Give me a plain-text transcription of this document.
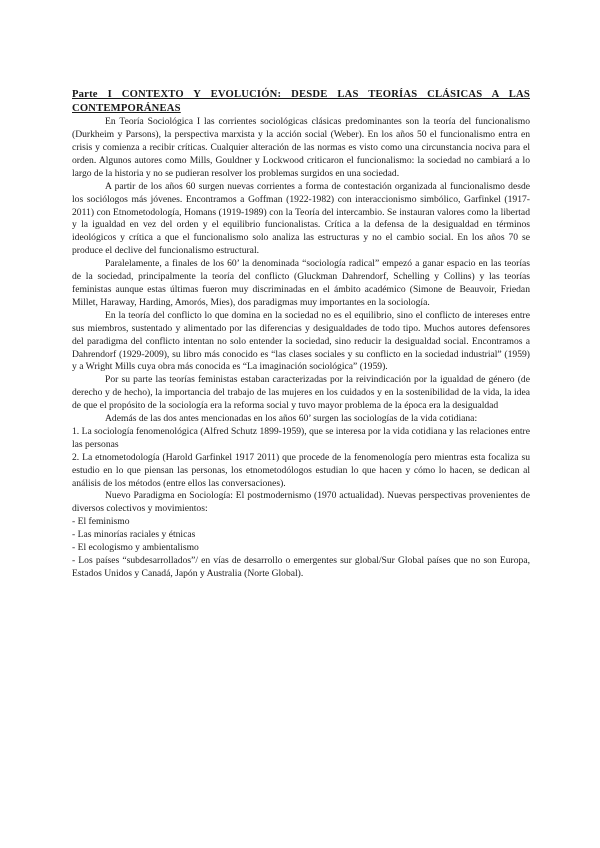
Parte I CONTEXTO Y EVOLUCIÓN: DESDE LAS TEORÍAS CLÁSICAS A LAS CONTEMPORÁNEAS

En Teoría Sociológica I las corrientes sociológicas clásicas predominantes son la teoría del funcionalismo (Durkheim y Parsons), la perspectiva marxista y la acción social (Weber). En los años 50 el funcionalismo entra en crisis y comienza a recibir críticas. Cualquier alteración de las normas es visto como una circunstancia nociva para el orden. Algunos autores como Mills, Gouldner y Lockwood criticaron el funcionalismo: la sociedad no cambiará a lo largo de la historia y no se pudieran resolver los problemas surgidos en una sociedad.

A partir de los años 60 surgen nuevas corrientes a forma de contestación organizada al funcionalismo desde los sociólogos más jóvenes. Encontramos a Goffman (1922-1982) con interaccionismo simbólico, Garfinkel (1917-2011) con Etnometodología, Homans (1919-1989) con la Teoría del intercambio. Se instauran valores como la libertad y la igualdad en vez del orden y el equilibrio funcionalistas. Crítica a la defensa de la desigualdad en términos ideológicos y crítica a que el funcionalismo solo analiza las estructuras y no el cambio social. En los años 70 se produce el declive del funcionalismo estructural.

Paralelamente, a finales de los 60’ la denominada “sociología radical” empezó a ganar espacio en las teorías de la sociedad, principalmente la teoría del conflicto (Gluckman Dahrendorf, Schelling y Collins) y las teorías feministas aunque estas últimas fueron muy discriminadas en el ámbito académico (Simone de Beauvoir, Friedan Millet, Haraway, Harding, Amorós, Mies), dos paradigmas muy importantes en la sociología.

En la teoría del conflicto lo que domina en la sociedad no es el equilibrio, sino el conflicto de intereses entre sus miembros, sustentado y alimentado por las diferencias y desigualdades de todo tipo. Muchos autores defensores del paradigma del conflicto intentan no solo entender la sociedad, sino reducir la desigualdad social. Encontramos a Dahrendorf (1929-2009), su libro más conocido es “las clases sociales y su conflicto en la sociedad industrial” (1959) y a Wright Mills cuya obra más conocida es “La imaginación sociológica” (1959).

Por su parte las teorías feministas estaban caracterizadas por la reivindicación por la igualdad de género (de derecho y de hecho), la importancia del trabajo de las mujeres en los cuidados y en la sostenibilidad de la vida, la idea de que el propósito de la sociología era la reforma social y tuvo mayor problema de la época era la desigualdad

Además de las dos antes mencionadas en los años 60’ surgen las sociologías de la vida cotidiana:

1. La sociología fenomenológica (Alfred Schutz 1899-1959), que se interesa por la vida cotidiana y las relaciones entre las personas

2. La etnometodología (Harold Garfinkel 1917 2011) que procede de la fenomenología pero mientras esta focaliza su estudio en lo que piensan las personas, los etnometodólogos estudian lo que hacen y cómo lo hacen, se dedican al análisis de los métodos (entre ellos las conversaciones).

Nuevo Paradigma en Sociología: El postmodernismo (1970 actualidad). Nuevas perspectivas provenientes de diversos colectivos y movimientos:

- El feminismo
- Las minorías raciales y étnicas
- El ecologismo y ambientalismo
- Los países “subdesarrollados”/ en vías de desarrollo o emergentes sur global/Sur Global países que no son Europa, Estados Unidos y Canadá, Japón y Australia (Norte Global).
